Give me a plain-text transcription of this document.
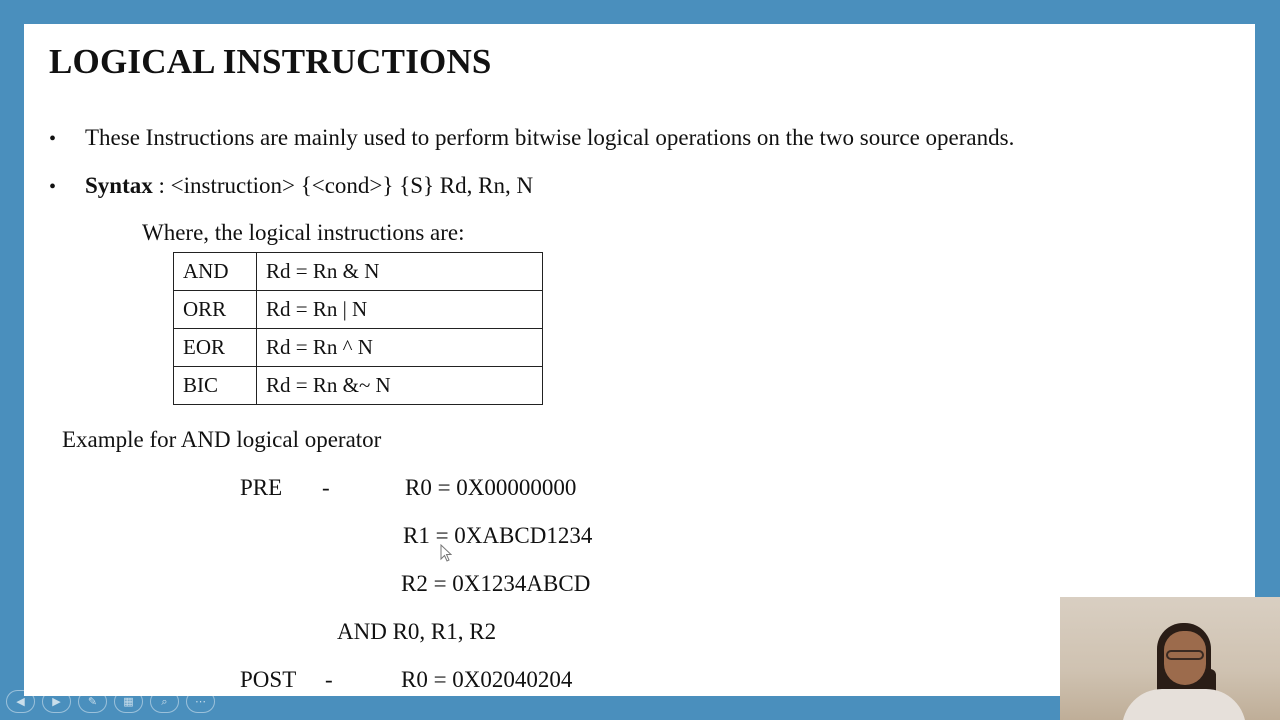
LOGICAL INSTRUCTIONS
• These Instructions are mainly used to perform bitwise logical operations on the two source operands.
• Syntax : <instruction> {<cond>} {S} Rd, Rn, N
Where, the logical instructions are:
AND	Rd = Rn & N
ORR	Rd = Rn | N
EOR	Rd = Rn ^ N
BIC	Rd = Rn &~ N
Example for AND logical operator
PRE -	R0 = 0X00000000
R1 = 0XABCD1234
R2 = 0X1234ABCD
AND R0, R1, R2
POST -	R0 = 0X02040204
◀	▶	✎	▦	⌕	⋯
